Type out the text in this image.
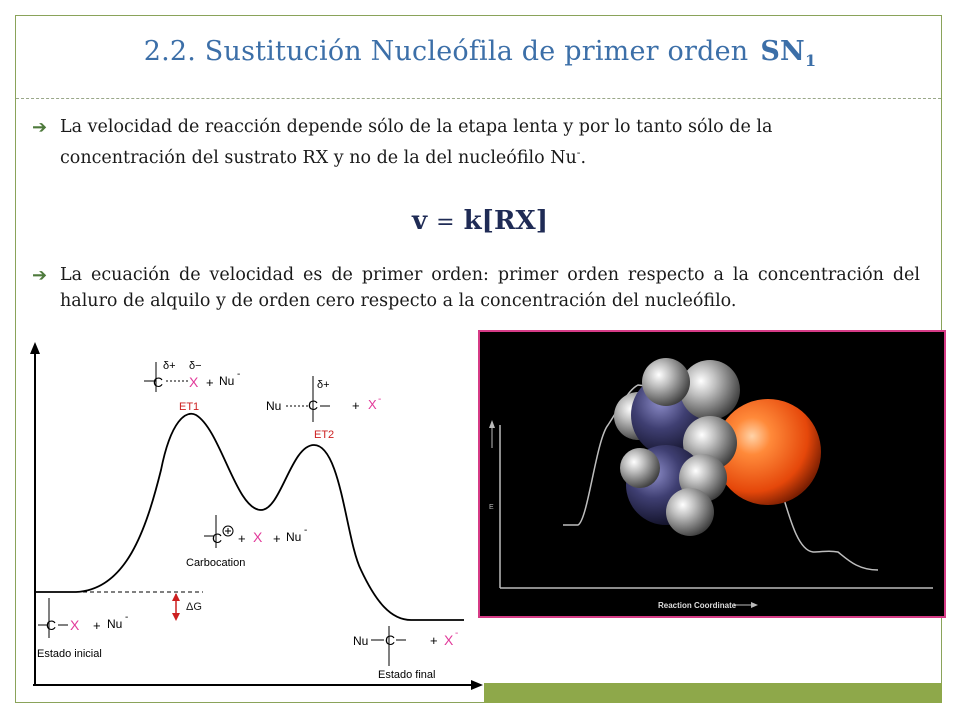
2.2. Sustitución Nucleófila de primer orden $SN_1$
➔ La velocidad de reacción depende sólo de la etapa lenta y por lo tanto sólo de la
concentración del sustrato RX y no de la del nucleófilo Nu-.
v = k[RX]
➔ La ecuación de velocidad es de primer orden: primer orden respecto a la concentración del haluro de alquilo y de orden cero respecto a la concentración del nucleófilo.
ΔG
C X
δ+ δ−
+ Nu -
ET1	Nu C
δ+
+ X -
ET2
C + X + Nu -
Carbocation
C X + Nu -
Estado inicial
Nu C	+ X -
Estado final
E
Reaction Coordinate
